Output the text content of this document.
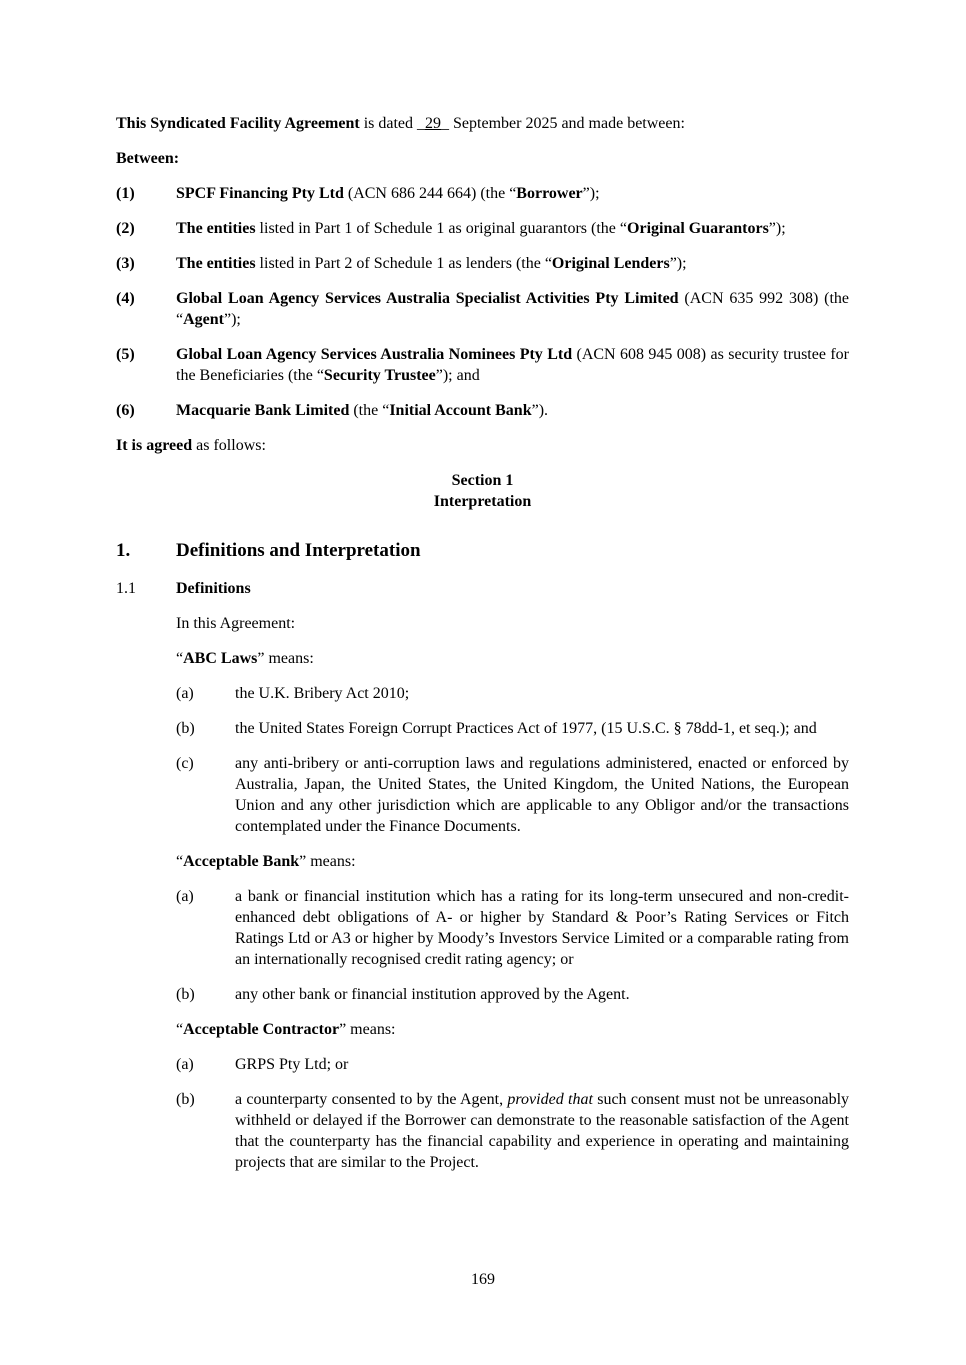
This Syndicated Facility Agreement is dated _29_ September 2025 and made between:

Between:

(1)	SPCF Financing Pty Ltd (ACN 686 244 664) (the “Borrower”);
(2)	The entities listed in Part 1 of Schedule 1 as original guarantors (the “Original Guarantors”);
(3)	The entities listed in Part 2 of Schedule 1 as lenders (the “Original Lenders”);
(4)	Global Loan Agency Services Australia Specialist Activities Pty Limited (ACN 635 992 308) (the “Agent”);
(5)	Global Loan Agency Services Australia Nominees Pty Ltd (ACN 608 945 008) as security trustee for the Beneficiaries (the “Security Trustee”); and
(6)	Macquarie Bank Limited (the “Initial Account Bank”).

It is agreed as follows:

Section 1
Interpretation
1.	Definitions and Interpretation
1.1	Definitions

In this Agreement:

“ABC Laws” means:

(a)	the U.K. Bribery Act 2010;
(b)	the United States Foreign Corrupt Practices Act of 1977, (15 U.S.C. § 78dd-1, et seq.); and
(c)	any anti-bribery or anti-corruption laws and regulations administered, enacted or enforced by Australia, Japan, the United States, the United Kingdom, the United Nations, the European Union and any other jurisdiction which are applicable to any Obligor and/or the transactions contemplated under the Finance Documents.

“Acceptable Bank” means:

(a)	a bank or financial institution which has a rating for its long-term unsecured and non-credit-enhanced debt obligations of A- or higher by Standard & Poor’s Rating Services or Fitch Ratings Ltd or A3 or higher by Moody’s Investors Service Limited or a comparable rating from an internationally recognised credit rating agency; or
(b)	any other bank or financial institution approved by the Agent.

“Acceptable Contractor” means:

(a)	GRPS Pty Ltd; or
(b)	a counterparty consented to by the Agent, provided that such consent must not be unreasonably withheld or delayed if the Borrower can demonstrate to the reasonable satisfaction of the Agent that the counterparty has the financial capability and experience in operating and maintaining projects that are similar to the Project.
169
